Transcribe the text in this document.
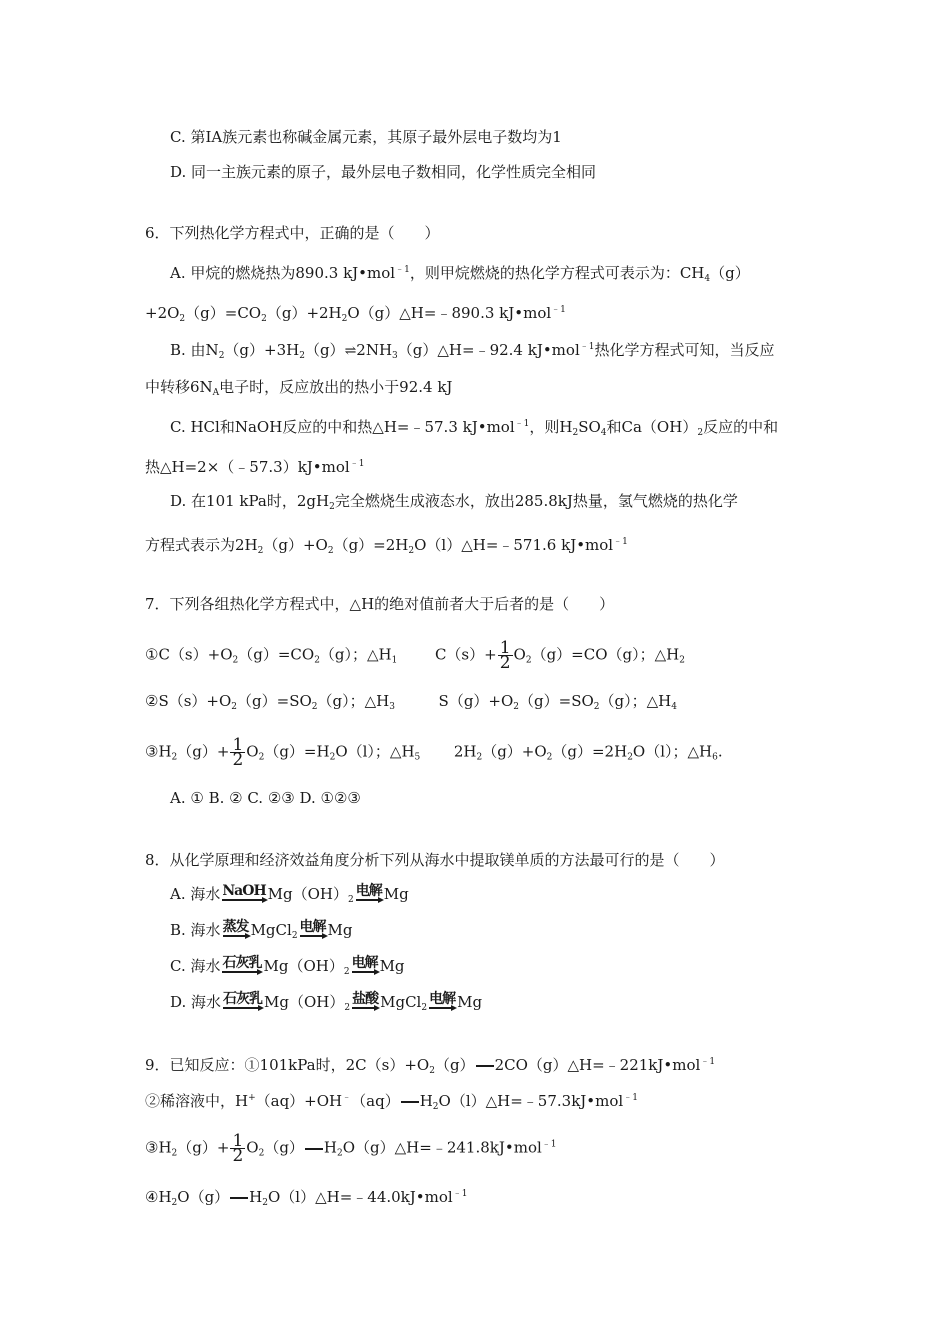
C. 第ⅠA族元素也称碱金属元素，其原子最外层电子数均为1
D. 同一主族元素的原子，最外层电子数相同，化学性质完全相同
6．下列热化学方程式中，正确的是（　　）
A. 甲烷的燃烧热为890.3 kJ•mol$^{﹣1}$，则甲烷燃烧的热化学方程式可表示为：$CH_4(g)$
$+2O_2(g)=CO_2(g)+2H_2O(g)\triangle H=﹣890.3$ kJ•mol$^{﹣1}$
B. 由$N_2(g)+3H_2(g)\rightleftharpoons 2NH_3(g)\triangle H=﹣92.4$ kJ•mol$^{﹣1}$热化学方程式可知，当反应
中转移$6N_A$电子时，反应放出的热小于92.4 kJ
C. HCl和NaOH反应的中和热△H=﹣57.3 kJ•mol$^{﹣1}$，则$H_2SO_4$和$Ca(OH)_2$反应的中和
热△H=2×（﹣57.3）kJ•mol$^{﹣1}$
D. 在101 kPa时，$2gH_2$完全燃烧生成液态水，放出285.8kJ热量，氢气燃烧的热化学
方程式表示为$2H_2(g)+O_2(g)=2H_2O(l)\triangle H=﹣571.6$ kJ•mol$^{﹣1}$
7．下列各组热化学方程式中，△H的绝对值前者大于后者的是（　　）
$①C(s)+O_2(g)=CO_2(g)$；$\triangle H_1$	$C(s)+ \frac{1}{2} O_2(g)=CO(g)$；$\triangle H_2$
$②S(s)+O_2(g)=SO_2(g)$；$\triangle H_3$	$S(g)+O_2(g)=SO_2(g)$；$\triangle H_4$
$③H_2(g)+ \frac{1}{2} O_2(g)=H_2O(l)$；$\triangle H_5$ $2H_2(g)+O_2(g)=2H_2O(l)$；$\triangle H_6$.
A. ① B. ② C. ②③ D. ①②③
8．从化学原理和经济效益角度分析下列从海水中提取镁单质的方法最可行的是（　　）
A. 海水 NaOH $Mg(OH)_2$
电解 Mg
B. 海水 蒸发 MgCl$_2$
电解 Mg
C. 海水 石灰乳 $Mg(OH)_2$
电解 Mg
D. 海水 石灰乳 $Mg(OH)_2$
盐酸 MgCl$_2$
电解 Mg
9．已知反应：①101kPa时，$2C(s)+O_2(g)$ 2CO（g）△H=﹣221kJ•mol$^{﹣1}$
②稀溶液中，H+（aq）+OH﹣（aq） $H_2O(l)\triangle H=﹣57.3kJ•mol^{﹣1}$
$③H_2(g)+ \frac{1}{2} O_2(g)$ $H_2O(g)\triangle H=﹣241.8kJ•mol^{﹣1}$
$④H_2O(g)$ $H_2O(l)\triangle H=﹣44.0kJ•mol^{﹣1}$
